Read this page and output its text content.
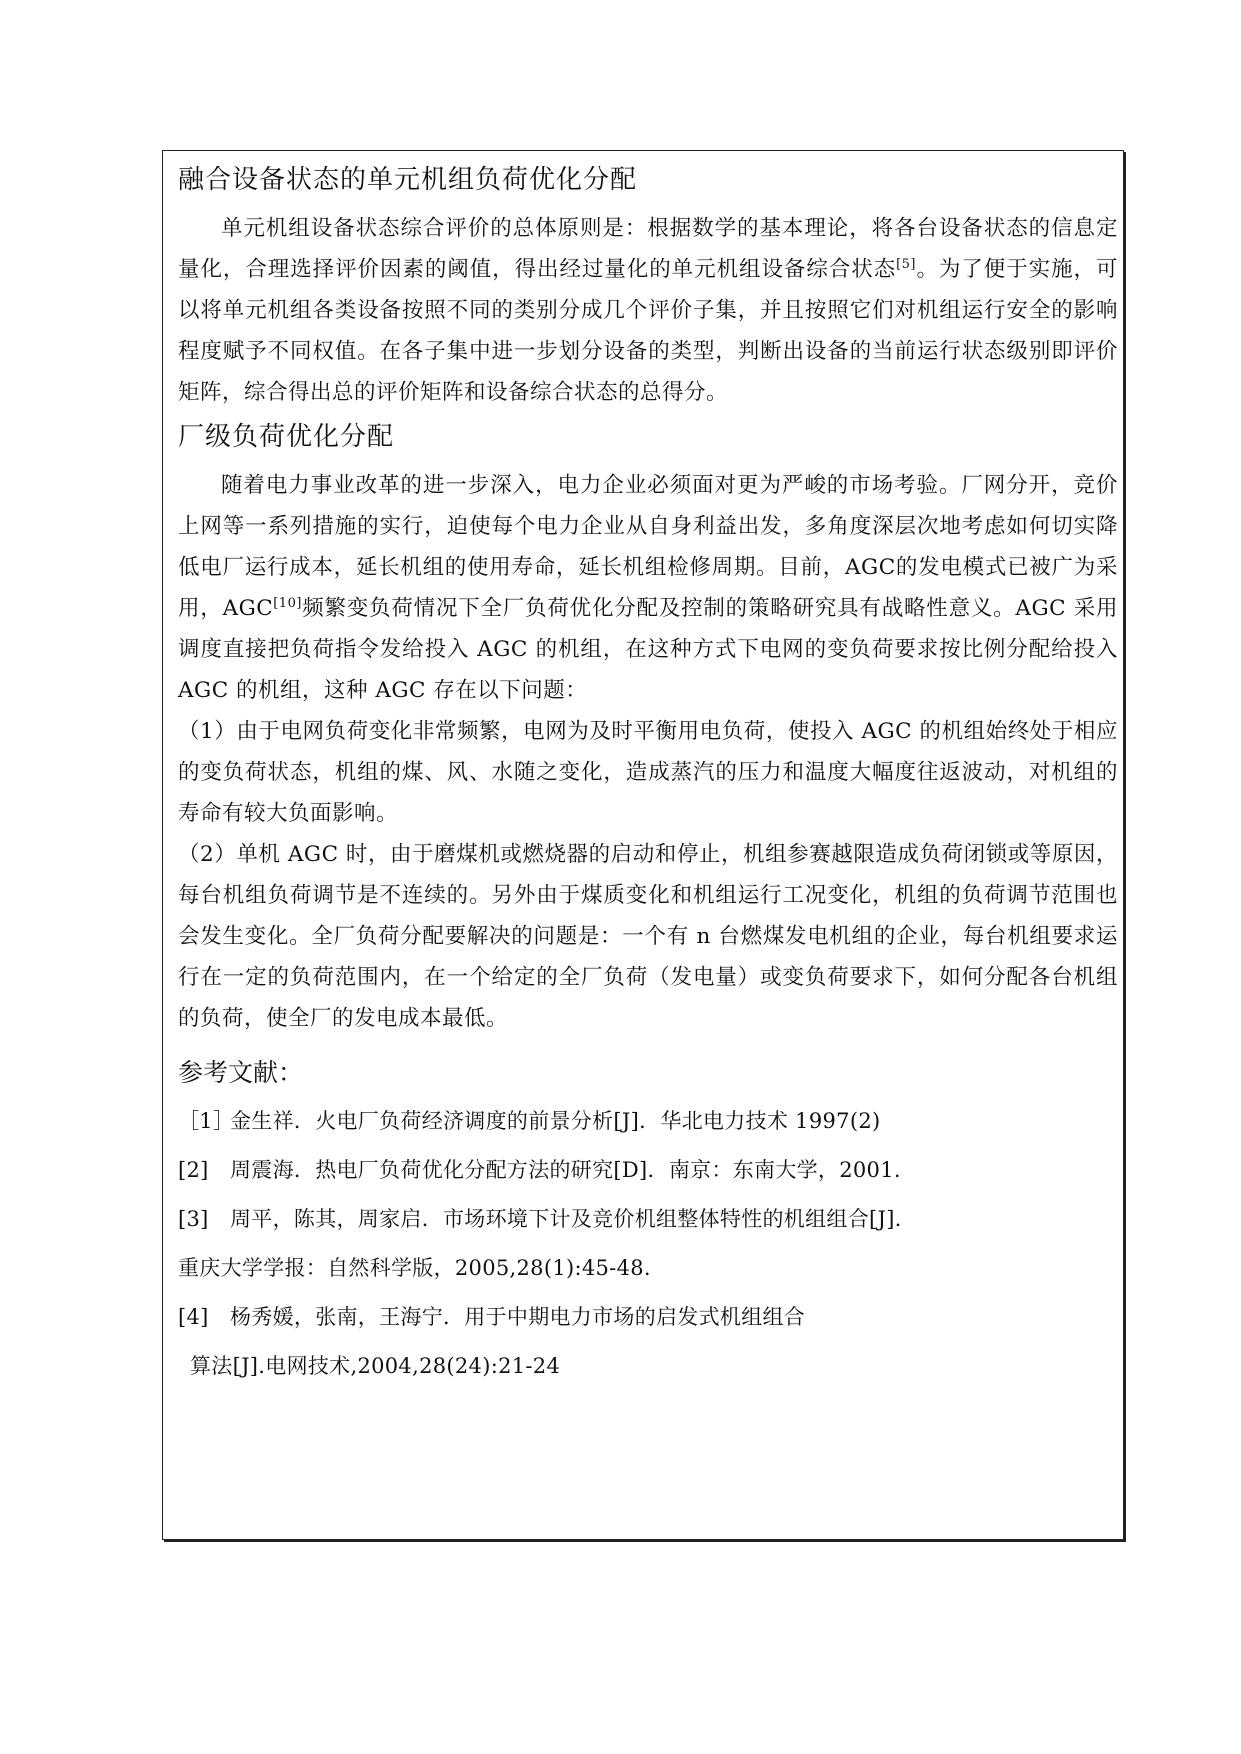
融合设备状态的单元机组负荷优化分配

单元机组设备状态综合评价的总体原则是：根据数学的基本理论，将各台设备状态的信息定量化，合理选择评价因素的阈值，得出经过量化的单元机组设备综合状态[5]。为了便于实施，可以将单元机组各类设备按照不同的类别分成几个评价子集，并且按照它们对机组运行安全的影响程度赋予不同权值。在各子集中进一步划分设备的类型，判断出设备的当前运行状态级别即评价矩阵，综合得出总的评价矩阵和设备综合状态的总得分。

厂级负荷优化分配

随着电力事业改革的进一步深入，电力企业必须面对更为严峻的市场考验。厂网分开，竞价上网等一系列措施的实行，迫使每个电力企业从自身利益出发，多角度深层次地考虑如何切实降低电厂运行成本，延长机组的使用寿命，延长机组检修周期。目前，AGC的发电模式已被广为采用，AGC[10]频繁变负荷情况下全厂负荷优化分配及控制的策略研究具有战略性意义。AGC 采用调度直接把负荷指令发给投入 AGC 的机组，在这种方式下电网的变负荷要求按比例分配给投入 AGC 的机组，这种 AGC 存在以下问题：

（1）由于电网负荷变化非常频繁，电网为及时平衡用电负荷，使投入 AGC 的机组始终处于相应的变负荷状态，机组的煤、风、水随之变化，造成蒸汽的压力和温度大幅度往返波动，对机组的寿命有较大负面影响。

（2）单机 AGC 时，由于磨煤机或燃烧器的启动和停止，机组参赛越限造成负荷闭锁或等原因，每台机组负荷调节是不连续的。另外由于煤质变化和机组运行工况变化，机组的负荷调节范围也会发生变化。全厂负荷分配要解决的问题是：一个有 n 台燃煤发电机组的企业，每台机组要求运行在一定的负荷范围内，在一个给定的全厂负荷（发电量）或变负荷要求下，如何分配各台机组的负荷，使全厂的发电成本最低。

参考文献：

［1］金生祥．火电厂负荷经济调度的前景分析[J]．华北电力技术 1997(2)

[2] 周震海．热电厂负荷优化分配方法的研究[D]．南京：东南大学，2001.

[3] 周平，陈其，周家启．市场环境下计及竞价机组整体特性的机组组合[J]．

重庆大学学报：自然科学版，2005,28(1):45-48.

[4] 杨秀媛，张南，王海宁．用于中期电力市场的启发式机组组合

算法[J].电网技术,2004,28(24):21-24
